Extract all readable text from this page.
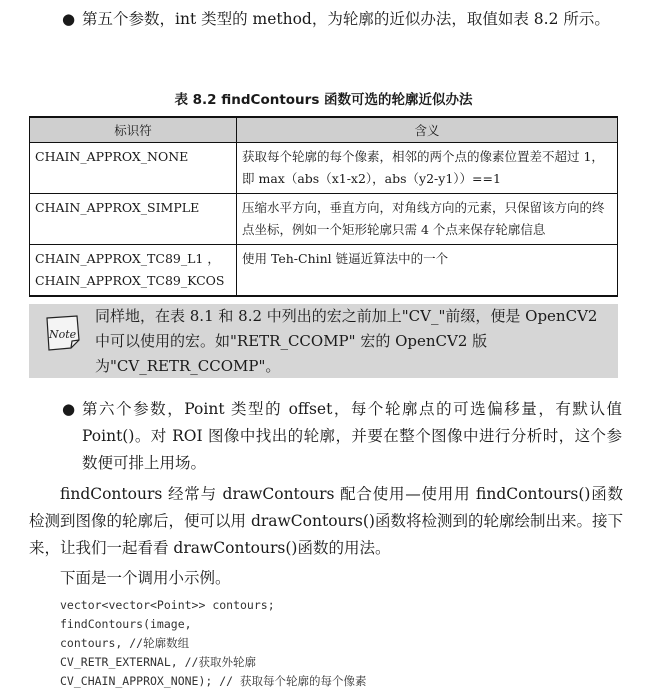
● 第五个参数，int 类型的 method，为轮廓的近似办法，取值如表 8.2 所示。
表 8.2 findContours 函数可选的轮廓近似办法
标识符	含义

CHAIN_APPROX_NONE	获取每个轮廓的每个像素，相邻的两个点的像素位置差不超过 1，即 max（abs（x1-x2），abs（y2-y1））==1

CHAIN_APPROX_SIMPLE	压缩水平方向，垂直方向，对角线方向的元素，只保留该方向的终点坐标，例如一个矩形轮廓只需 4 个点来保存轮廓信息

CHAIN_APPROX_TC89_L1 ，
CHAIN_APPROX_TC89_KCOS	使用 Teh-Chinl 链逼近算法中的一个
Note
同样地，在表 8.1 和 8.2 中列出的宏之前加上"CV_"前缀，便是 OpenCV2 中可以使用的宏。如"RETR_CCOMP" 宏的 OpenCV2 版为"CV_RETR_CCOMP"。
● 第六个参数，Point 类型的 offset，每个轮廓点的可选偏移量，有默认值 Point()。对 ROI 图像中找出的轮廓，并要在整个图像中进行分析时，这个参数便可排上用场。
findContours 经常与 drawContours 配合使用—使用用 findContours()函数检测到图像的轮廓后，便可以用 drawContours()函数将检测到的轮廓绘制出来。接下来，让我们一起看看 drawContours()函数的用法。
下面是一个调用小示例。
vector<vector<Point>> contours;
findContours(image,
contours, //轮廓数组
CV_RETR_EXTERNAL, //获取外轮廓
CV_CHAIN_APPROX_NONE); // 获取每个轮廓的每个像素
